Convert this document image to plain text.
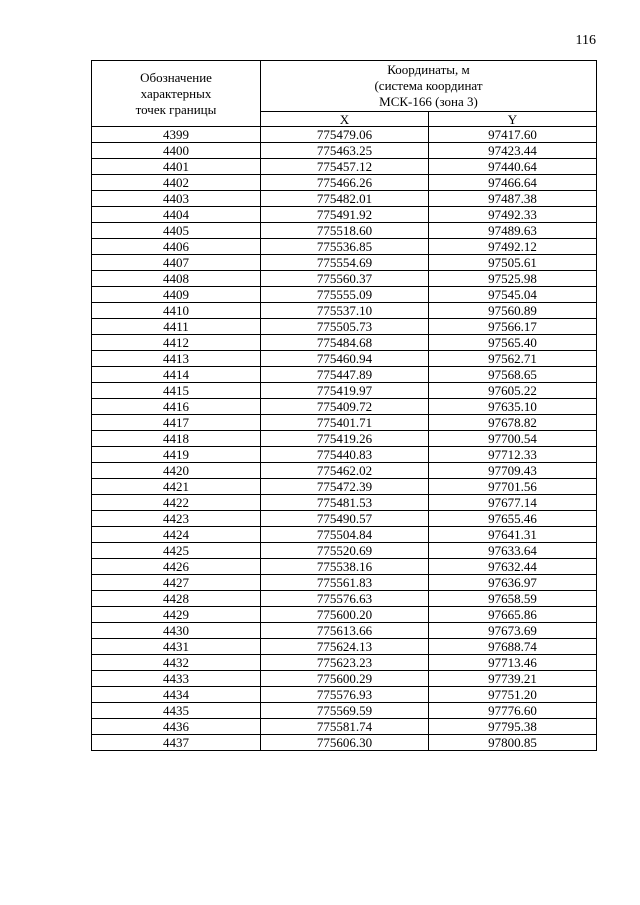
116
Обозначение
характерных
точек границы	Координаты, м
(система координат
МСК-166 (зона 3)	

	X	Y
4399	775479.06	97417.60
4400	775463.25	97423.44
4401	775457.12	97440.64
4402	775466.26	97466.64
4403	775482.01	97487.38
4404	775491.92	97492.33
4405	775518.60	97489.63
4406	775536.85	97492.12
4407	775554.69	97505.61
4408	775560.37	97525.98
4409	775555.09	97545.04
4410	775537.10	97560.89
4411	775505.73	97566.17
4412	775484.68	97565.40
4413	775460.94	97562.71
4414	775447.89	97568.65
4415	775419.97	97605.22
4416	775409.72	97635.10
4417	775401.71	97678.82
4418	775419.26	97700.54
4419	775440.83	97712.33
4420	775462.02	97709.43
4421	775472.39	97701.56
4422	775481.53	97677.14
4423	775490.57	97655.46
4424	775504.84	97641.31
4425	775520.69	97633.64
4426	775538.16	97632.44
4427	775561.83	97636.97
4428	775576.63	97658.59
4429	775600.20	97665.86
4430	775613.66	97673.69
4431	775624.13	97688.74
4432	775623.23	97713.46
4433	775600.29	97739.21
4434	775576.93	97751.20
4435	775569.59	97776.60
4436	775581.74	97795.38
4437	775606.30	97800.85
